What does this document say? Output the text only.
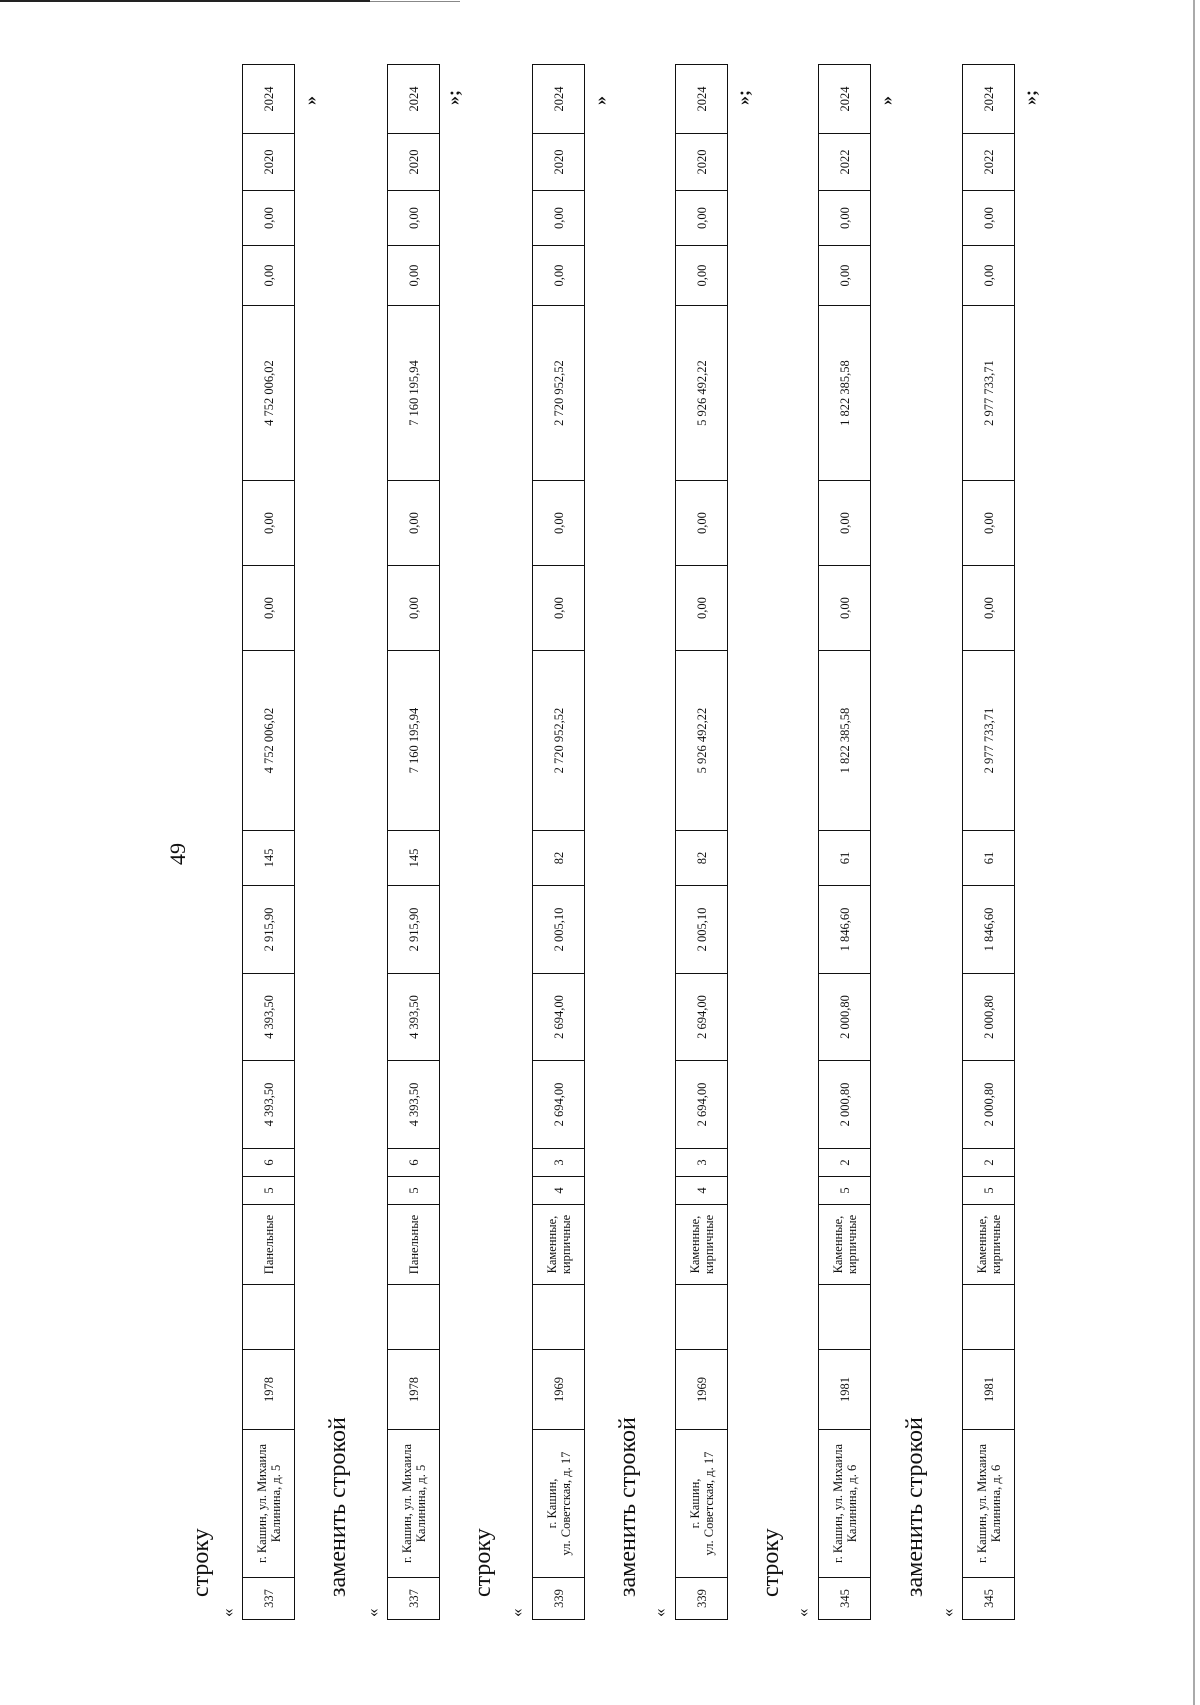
49
строку
«
337	г. Кашин, ул. Михаила Калинина, д. 5	1978		Панельные	5	6	4 393,50	4 393,50	2 915,90	145	4 752 006,02	0,00	0,00	4 752 006,02	0,00	0,00	2020	2024 »
заменить строкой
«
337	г. Кашин, ул. Михаила Калинина, д. 5	1978		Панельные	5	6	4 393,50	4 393,50	2 915,90	145	7 160 195,94	0,00	0,00	7 160 195,94	0,00	0,00	2020	2024 »;
строку
«
339	г. Кашин,
ул. Советская, д. 17	1969		Каменные,
кирпичные	4	3	2 694,00	2 694,00	2 005,10	82	2 720 952,52	0,00	0,00	2 720 952,52	0,00	0,00	2020	2024 »
заменить строкой
«
339	г. Кашин,
ул. Советская, д. 17	1969		Каменные,
кирпичные	4	3	2 694,00	2 694,00	2 005,10	82	5 926 492,22	0,00	0,00	5 926 492,22	0,00	0,00	2020	2024 »;
строку
«
345	г. Кашин, ул. Михаила Калинина, д. 6	1981		Каменные,
кирпичные	5	2	2 000,80	2 000,80	1 846,60	61	1 822 385,58	0,00	0,00	1 822 385,58	0,00	0,00	2022	2024 »
заменить строкой
«
345	г. Кашин, ул. Михаила Калинина, д. 6	1981		Каменные,
кирпичные	5	2	2 000,80	2 000,80	1 846,60	61	2 977 733,71	0,00	0,00	2 977 733,71	0,00	0,00	2022	2024 »;
